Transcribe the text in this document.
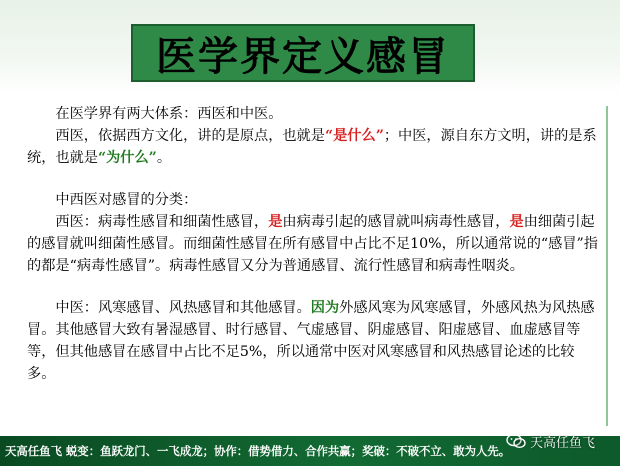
医学界定义感冒

在医学界有两大体系：西医和中医。

西医，依据西方文化，讲的是原点，也就是“是什么”；中医，源自东方文明，讲的是系统，也就是“为什么”。

中西医对感冒的分类：

西医：病毒性感冒和细菌性感冒，是由病毒引起的感冒就叫病毒性感冒，是由细菌引起的感冒就叫细菌性感冒。而细菌性感冒在所有感冒中占比不足10%，所以通常说的“感冒”指的都是“病毒性感冒”。病毒性感冒又分为普通感冒、流行性感冒和病毒性咽炎。

中医：风寒感冒、风热感冒和其他感冒。因为外感风寒为风寒感冒，外感风热为风热感冒。其他感冒大致有暑湿感冒、时行感冒、气虚感冒、阴虚感冒、阳虚感冒、血虚感冒等等，但其他感冒在感冒中占比不足5%，所以通常中医对风寒感冒和风热感冒论述的比较多。

天高任鱼飞 蜕变：鱼跃龙门、一飞成龙；协作：借势借力、合作共赢；奖破：不破不立、敢为人先。
天高任鱼飞
